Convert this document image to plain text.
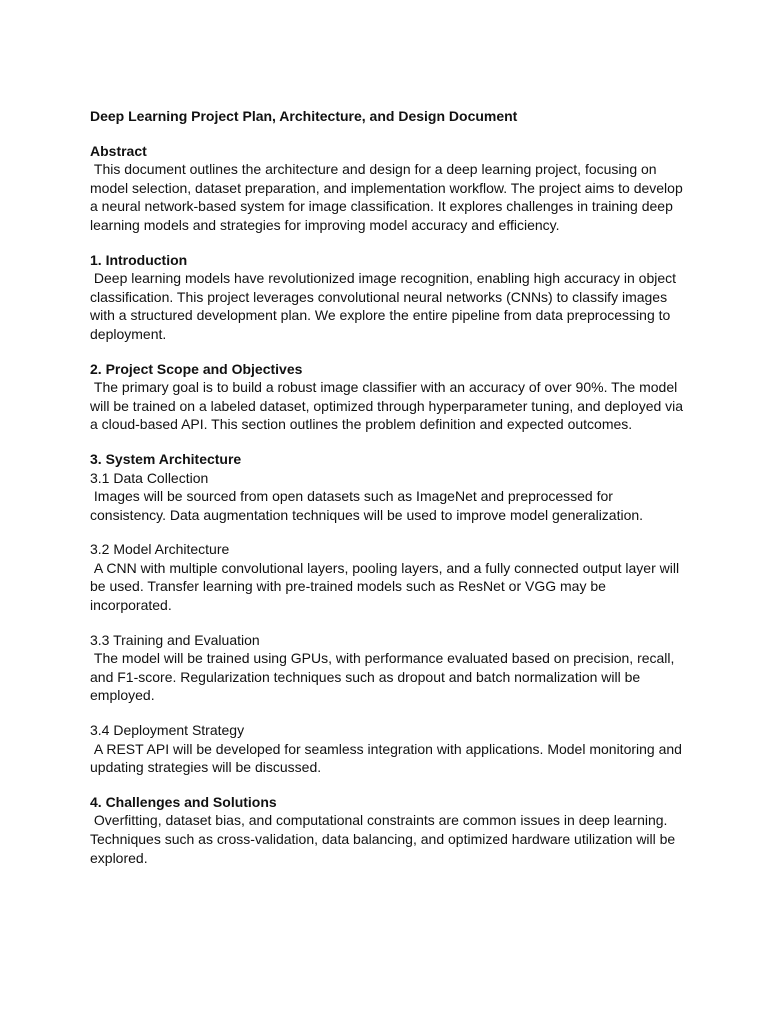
Deep Learning Project Plan, Architecture, and Design Document

Abstract

This document outlines the architecture and design for a deep learning project, focusing on model selection, dataset preparation, and implementation workflow. The project aims to develop a neural network-based system for image classification. It explores challenges in training deep learning models and strategies for improving model accuracy and efficiency.

1. Introduction

Deep learning models have revolutionized image recognition, enabling high accuracy in object classification. This project leverages convolutional neural networks (CNNs) to classify images with a structured development plan. We explore the entire pipeline from data preprocessing to deployment.

2. Project Scope and Objectives

The primary goal is to build a robust image classifier with an accuracy of over 90%. The model will be trained on a labeled dataset, optimized through hyperparameter tuning, and deployed via a cloud-based API. This section outlines the problem definition and expected outcomes.

3. System Architecture

3.1 Data Collection

Images will be sourced from open datasets such as ImageNet and preprocessed for consistency. Data augmentation techniques will be used to improve model generalization.

3.2 Model Architecture

A CNN with multiple convolutional layers, pooling layers, and a fully connected output layer will be used. Transfer learning with pre-trained models such as ResNet or VGG may be incorporated.

3.3 Training and Evaluation

The model will be trained using GPUs, with performance evaluated based on precision, recall, and F1-score. Regularization techniques such as dropout and batch normalization will be employed.

3.4 Deployment Strategy

A REST API will be developed for seamless integration with applications. Model monitoring and updating strategies will be discussed.

4. Challenges and Solutions

Overfitting, dataset bias, and computational constraints are common issues in deep learning. Techniques such as cross-validation, data balancing, and optimized hardware utilization will be explored.
